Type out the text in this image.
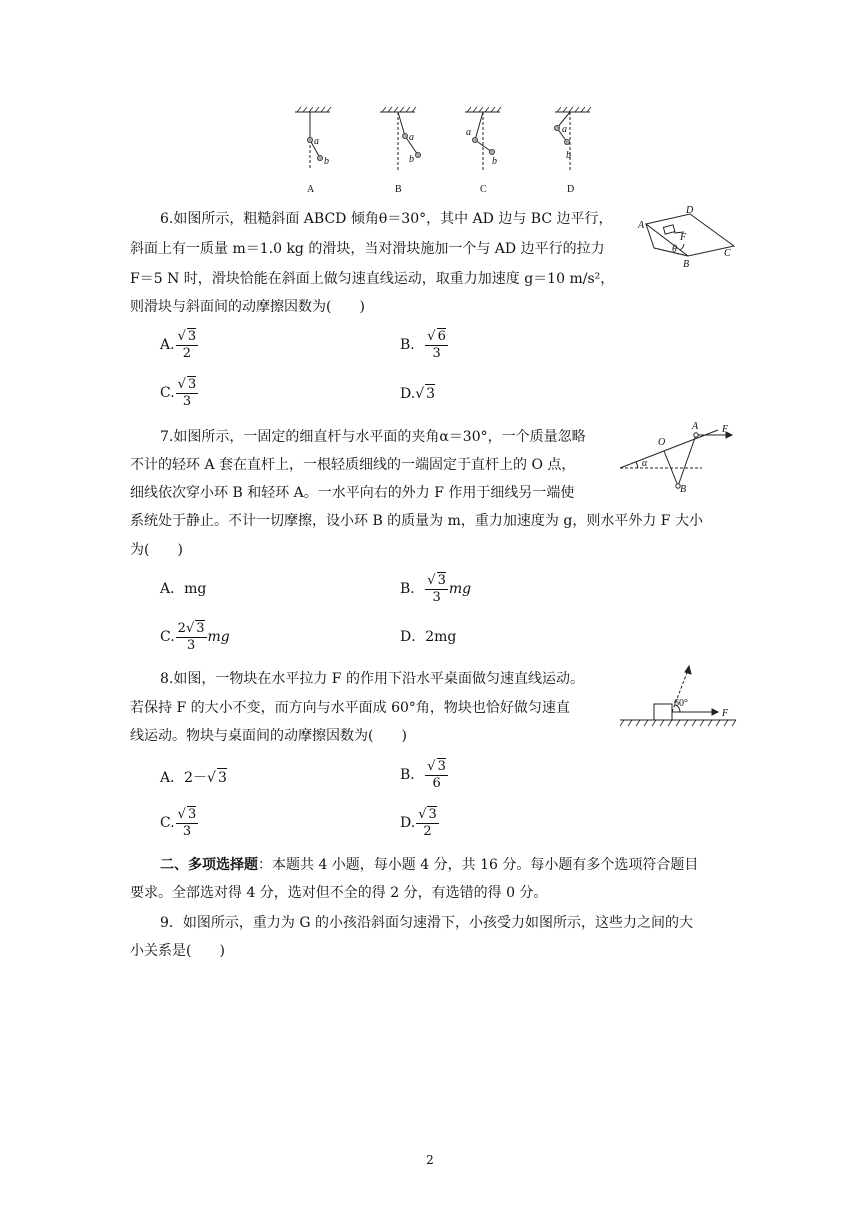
a
b
a
b
a
b
a
b
A	B	C	D
6.如图所示，粗糙斜面 ABCD 倾角θ＝30°，其中 AD 边与 BC 边平行，
斜面上有一质量 m＝1.0 kg 的滑块，当对滑块施加一个与 AD 边平行的拉力
F＝5 N 时，滑块恰能在斜面上做匀速直线运动，取重力加速度 g＝10 m/s²，
则滑块与斜面间的动摩擦因数为(　　)
A
D
C
B
F
θ
A. $\frac{√ 3}{2}$	B． $\frac{√ 6}{3}$
C. $\frac{√ 3}{3}$	D.√ 3
7.如图所示，一固定的细直杆与水平面的夹角α＝30°，一个质量忽略
不计的轻环 A 套在直杆上，一根轻质细线的一端固定于直杆上的 O 点，
细线依次穿小环 B 和轻环 A。一水平向右的外力 F 作用于细线另一端使
系统处于静止。不计一切摩擦，设小环 B 的质量为 m，重力加速度为 g，则水平外力 F 大小
为(　　)
A
O
B
F
α
A．mg	B． $\frac{√ 3}{3}$ mg
C. $\frac{2√ 3}{3}$ mg	D．2mg
8.如图，一物块在水平拉力 F 的作用下沿水平桌面做匀速直线运动。
若保持 F 的大小不变，而方向与水平面成 60°角，物块也恰好做匀速直
线运动。物块与桌面间的动摩擦因数为(　　)
60°
F
A．2－√ 3	B． $\frac{√ 3}{6}$
C. $\frac{√ 3}{3}$	D. $\frac{√ 3}{2}$
二、多项选择题：本题共 4 小题，每小题 4 分，共 16 分。每小题有多个选项符合题目
要求。全部选对得 4 分，选对但不全的得 2 分，有选错的得 0 分。
9．如图所示，重力为 G 的小孩沿斜面匀速滑下，小孩受力如图所示，这些力之间的大
小关系是(　　)
2
